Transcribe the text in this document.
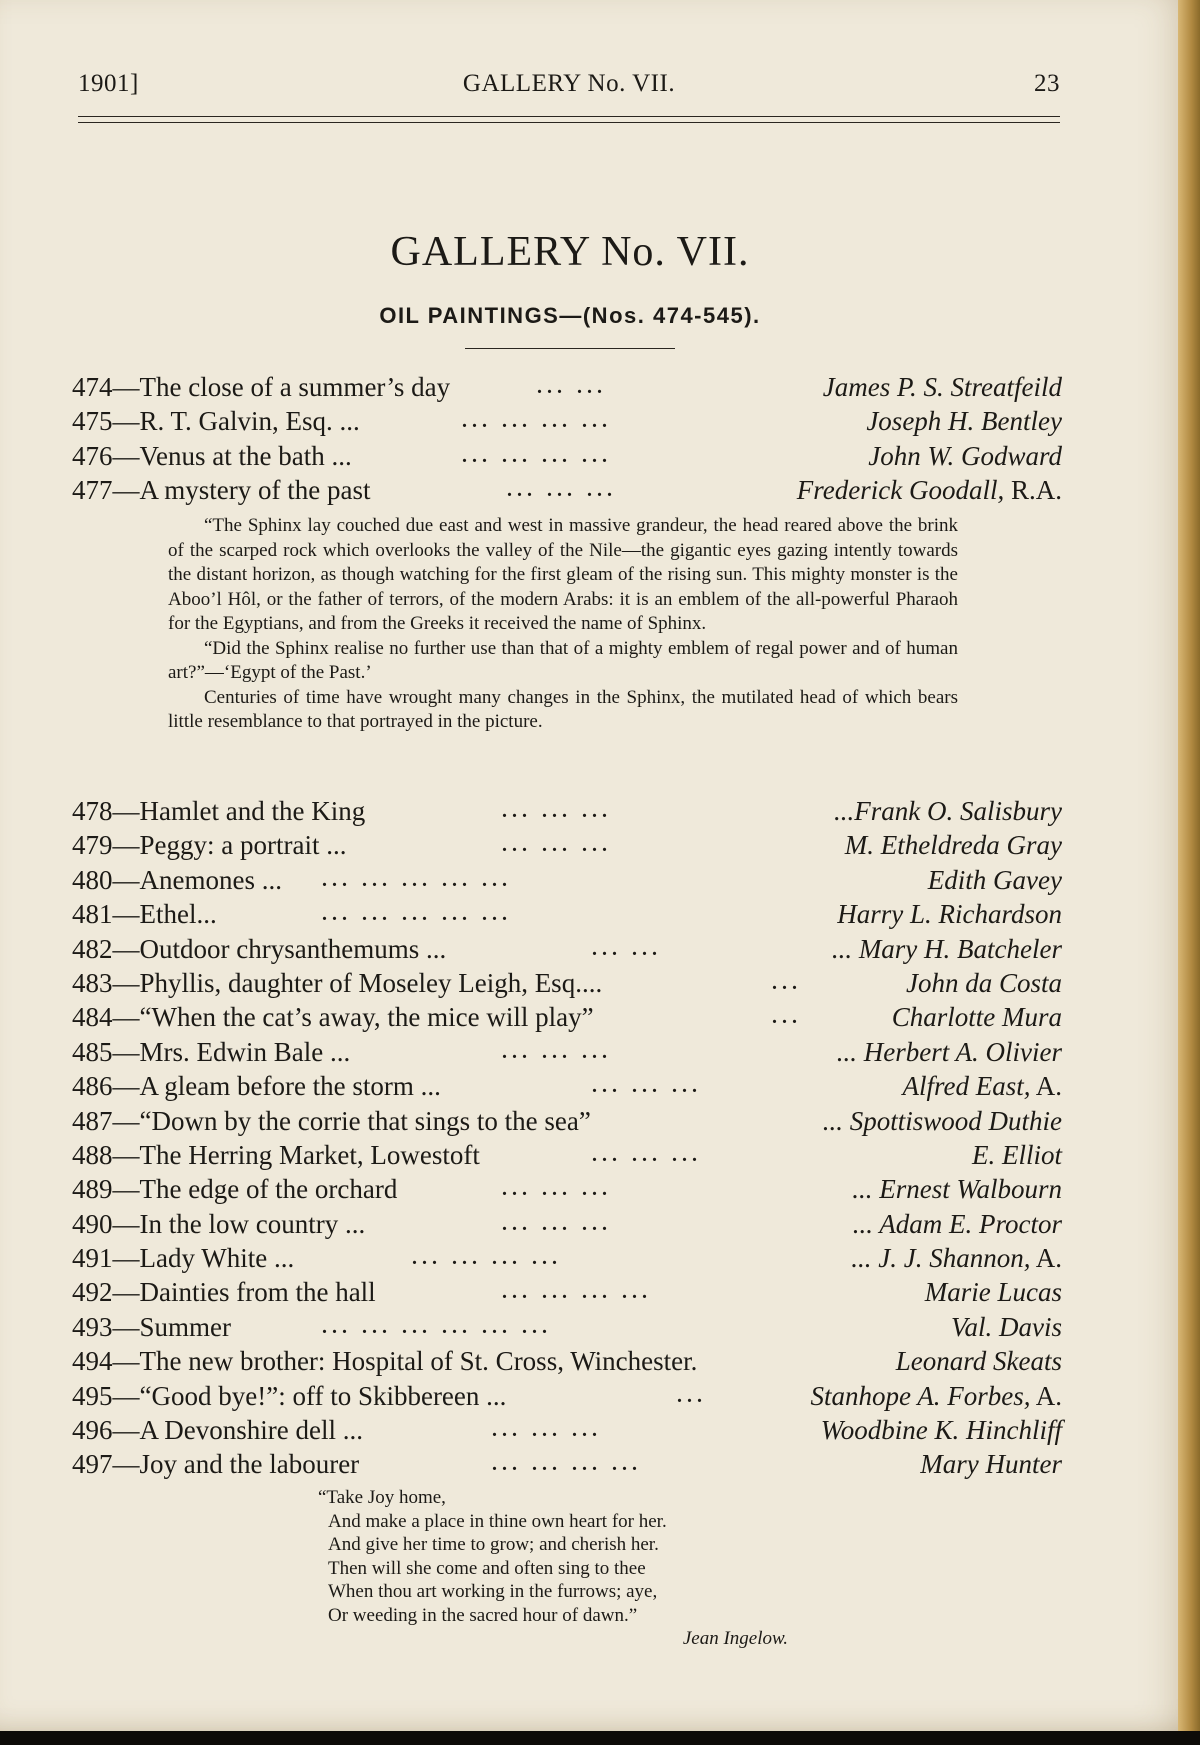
1901]	GALLERY No. VII.	23
GALLERY No. VII.
OIL PAINTINGS—(Nos. 474-545).
474—The close of a summer’s day	... ...	James P. S. Streatfeild
475—R. T. Galvin, Esq. ...	... ... ... ...	Joseph H. Bentley
476—Venus at the bath ...	... ... ... ...	John W. Godward
477—A mystery of the past	... ... ...	Frederick Goodall, R.A.

“The Sphinx lay couched due east and west in massive grandeur, the head reared above the brink of the scarped rock which overlooks the valley of the Nile—the gigantic eyes gazing intently towards the distant horizon, as though watching for the first gleam of the rising sun. This mighty monster is the Aboo’l Hôl, or the father of terrors, of the modern Arabs: it is an emblem of the all-powerful Pharaoh for the Egyptians, and from the Greeks it received the name of Sphinx.

“Did the Sphinx realise no further use than that of a mighty emblem of regal power and of human art?”—‘Egypt of the Past.’

Centuries of time have wrought many changes in the Sphinx, the mutilated head of which bears little resemblance to that portrayed in the picture.

478—Hamlet and the King	... ... ...	...Frank O. Salisbury
479—Peggy: a portrait ...	... ... ...	M. Etheldreda Gray
480—Anemones ... ... ... ... ... ...	Edith Gavey
481—Ethel...	... ... ... ... ...	Harry L. Richardson
482—Outdoor chrysanthemums ...	... ...	... Mary H. Batcheler
483—Phyllis, daughter of Moseley Leigh, Esq....	...	John da Costa
484—“When the cat’s away, the mice will play”	...	Charlotte Mura
485—Mrs. Edwin Bale ...	... ... ...	... Herbert A. Olivier
486—A gleam before the storm ...	... ... ...	Alfred East, A.
487—“Down by the corrie that sings to the sea”	... Spottiswood Duthie
488—The Herring Market, Lowestoft	... ... ...	E. Elliot
489—The edge of the orchard	... ... ...	... Ernest Walbourn
490—In the low country ...	... ... ...	... Adam E. Proctor
491—Lady White ...	... ... ... ...	... J. J. Shannon, A.
492—Dainties from the hall	... ... ... ...	Marie Lucas
493—Summer	... ... ... ... ... ...	Val. Davis
494—The new brother: Hospital of St. Cross, Winchester.	Leonard Skeats
495—“Good bye!”: off to Skibbereen ...	...	Stanhope A. Forbes, A.
496—A Devonshire dell ...	... ... ...	Woodbine K. Hinchliff
497—Joy and the labourer	... ... ... ...	Mary Hunter
“Take Joy home,
And make a place in thine own heart for her.
And give her time to grow; and cherish her.
Then will she come and often sing to thee
When thou art working in the furrows; aye,
Or weeding in the sacred hour of dawn.”
Jean Ingelow.
